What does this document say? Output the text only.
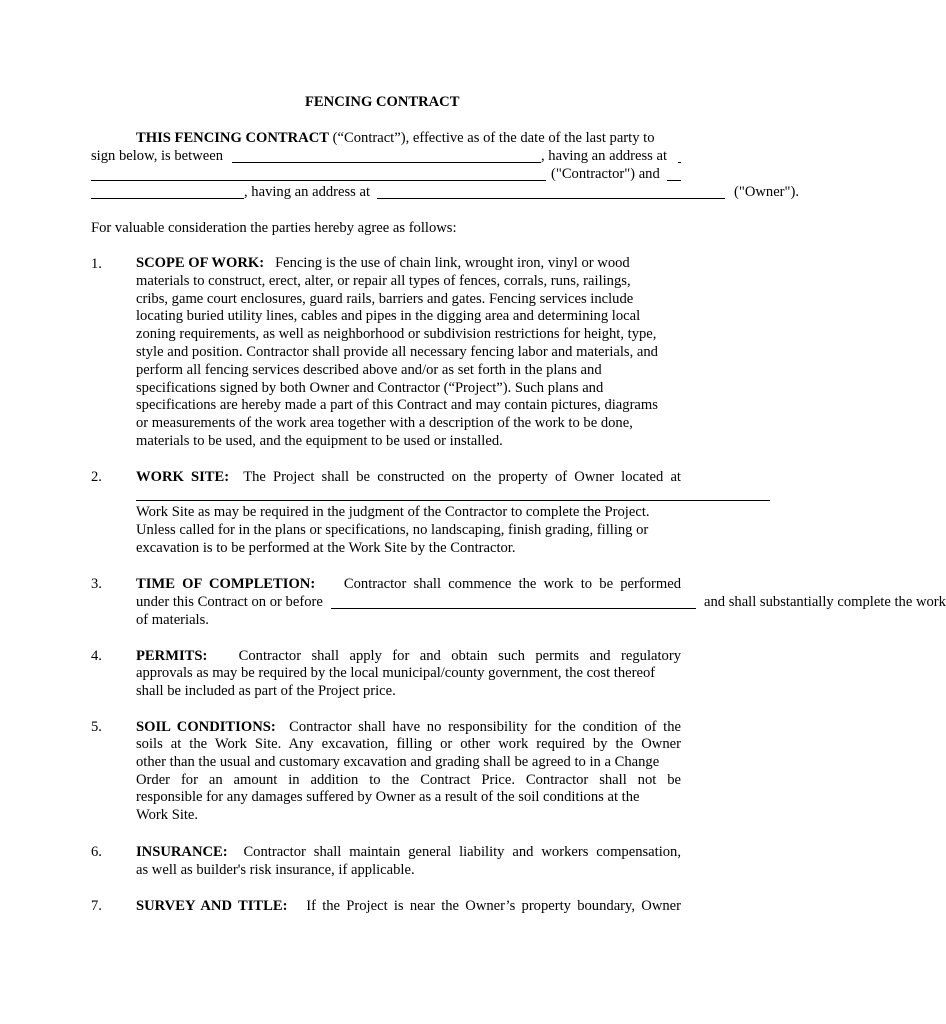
FENCING CONTRACT
THIS FENCING CONTRACT (“Contract”), effective as of the date of the last party to
sign below, is between	, having an address at
("Contractor") and
, having an address at	("Owner").
For valuable consideration the parties hereby agree as follows:
1. SCOPE OF WORK: Fencing is the use of chain link, wrought iron, vinyl or wood
materials to construct, erect, alter, or repair all types of fences, corrals, runs, railings,
cribs, game court enclosures, guard rails, barriers and gates. Fencing services include
locating buried utility lines, cables and pipes in the digging area and determining local
zoning requirements, as well as neighborhood or subdivision restrictions for height, type,
style and position. Contractor shall provide all necessary fencing labor and materials, and
perform all fencing services described above and/or as set forth in the plans and
specifications signed by both Owner and Contractor (“Project”). Such plans and
specifications are hereby made a part of this Contract and may contain pictures, diagrams
or measurements of the work area together with a description of the work to be done,
materials to be used, and the equipment to be used or installed.
2. WORK SITE: The Project shall be constructed on the property of Owner located at
Work Site as may be required in the judgment of the Contractor to complete the Project.
Unless called for in the plans or specifications, no landscaping, finish grading, filling or
excavation is to be performed at the Work Site by the Contractor.
3. TIME OF COMPLETION: Contractor shall commence the work to be performed
under this Contract on or before	and shall substantially complete the work
of materials.
4. PERMITS: Contractor shall apply for and obtain such permits and regulatory
approvals as may be required by the local municipal/county government, the cost thereof
shall be included as part of the Project price.
5. SOIL CONDITIONS: Contractor shall have no responsibility for the condition of the
soils at the Work Site. Any excavation, filling or other work required by the Owner
other than the usual and customary excavation and grading shall be agreed to in a Change
Order for an amount in addition to the Contract Price. Contractor shall not be
responsible for any damages suffered by Owner as a result of the soil conditions at the
Work Site.
6. INSURANCE: Contractor shall maintain general liability and workers compensation,
as well as builder's risk insurance, if applicable.
7. SURVEY AND TITLE: If the Project is near the Owner’s property boundary, Owner
